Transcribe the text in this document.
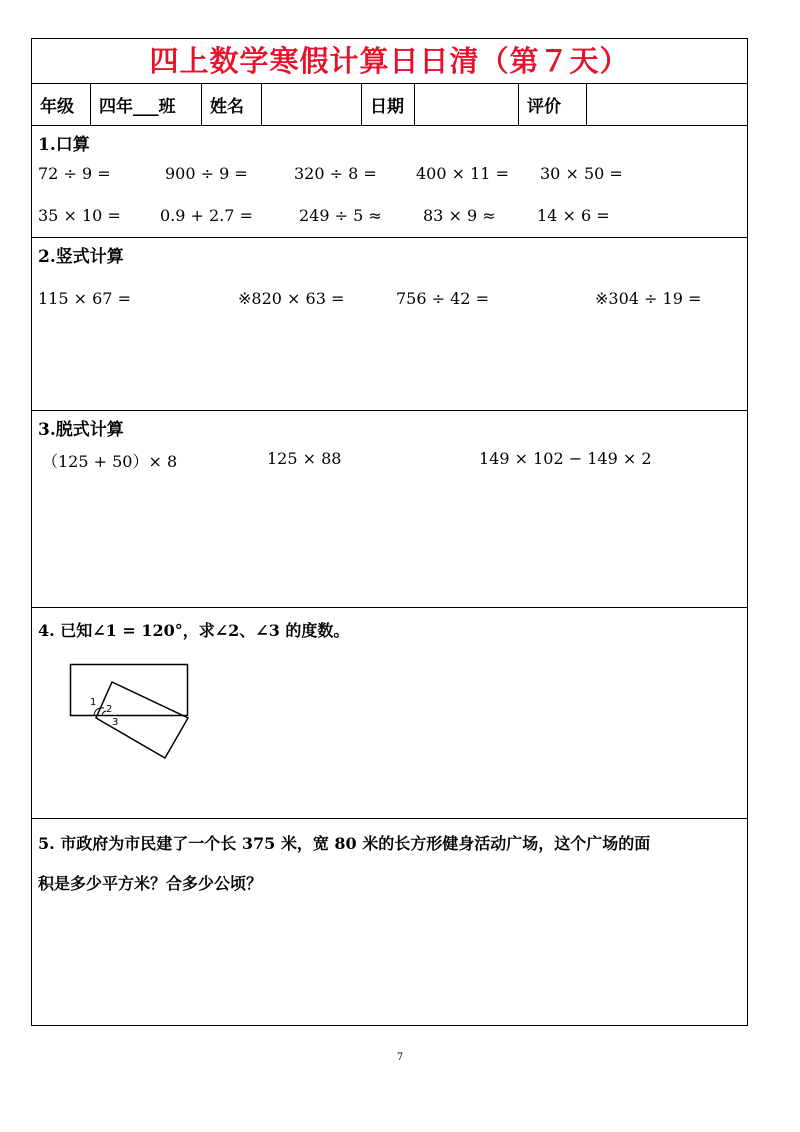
四上数学寒假计算日日清（第７天）
年级	四年___班	姓名	日期	评价
1.口算
72 ÷ 9 =	900 ÷ 9 =	320 ÷ 8 = 400 × 11 = 30 × 50 =
35 × 10 = 0.9 + 2.7 =	249 ÷ 5 ≈	83 × 9 ≈	14 × 6 =
2.竖式计算
115 × 67 =	※820 × 63 =	756 ÷ 42 =	※304 ÷ 19 =
3.脱式计算
（125 + 50）× 8	125 × 88	149 × 102 − 149 × 2
4. 已知∠1 = 120°，求∠2、∠3 的度数。
1
2
3
5. 市政府为市民建了一个长 375 米，宽 80 米的长方形健身活动广场，这个广场的面
积是多少平方米？合多少公顷？
7
